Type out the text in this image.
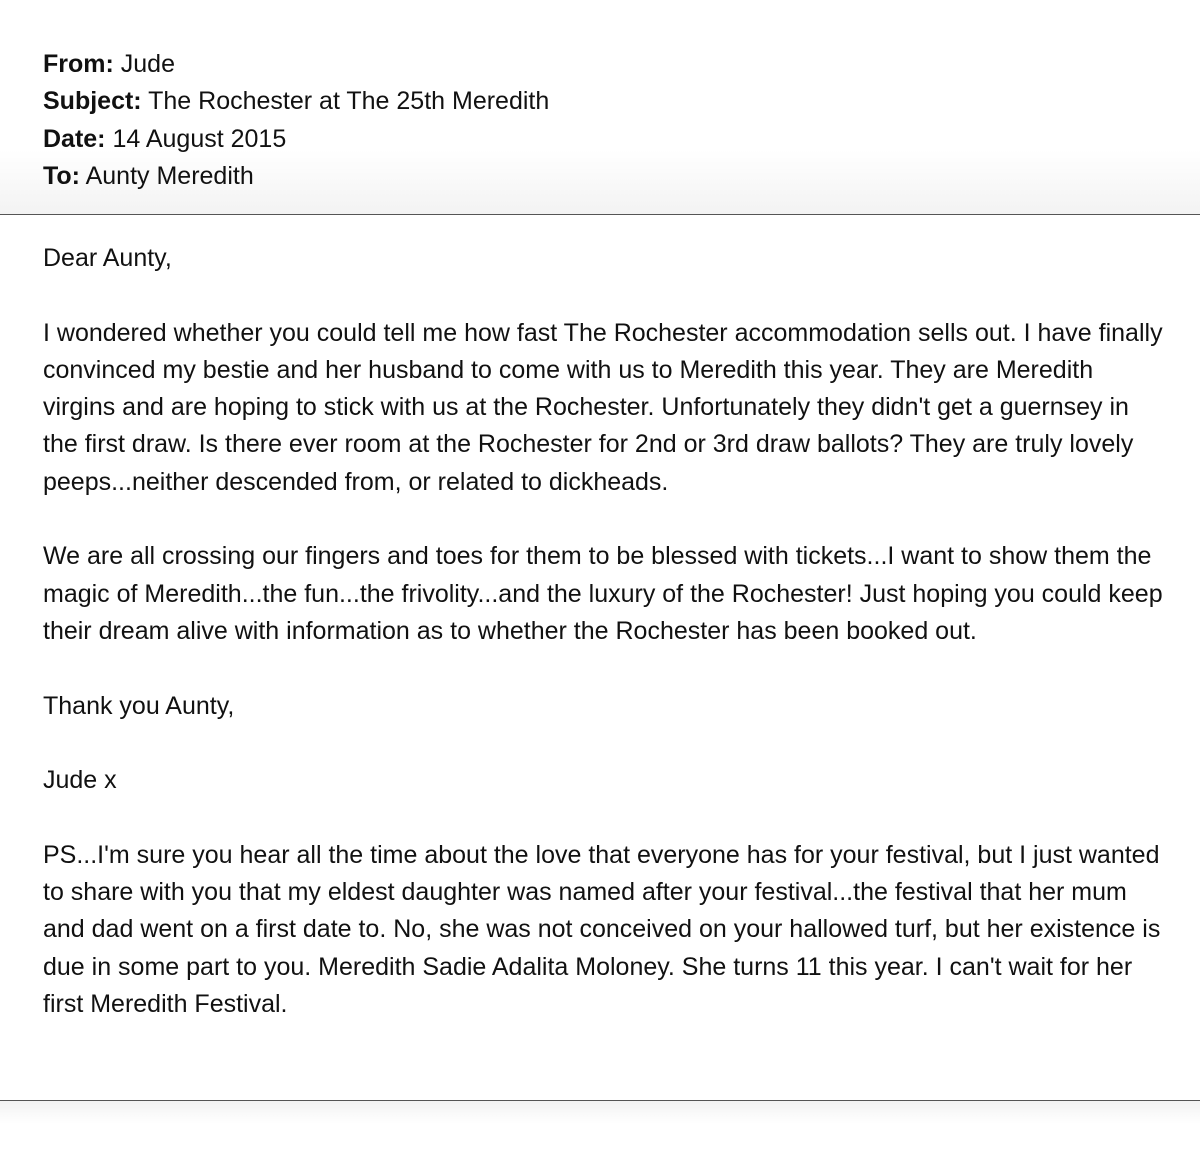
From: Jude
Subject: The Rochester at The 25th Meredith
Date: 14 August 2015
To: Aunty Meredith

Dear Aunty,

I wondered whether you could tell me how fast The Rochester accommodation sells out. I have finally convinced my bestie and her husband to come with us to Meredith this year. They are Meredith virgins and are hoping to stick with us at the Rochester. Unfortunately they didn't get a guernsey in the first draw. Is there ever room at the Rochester for 2nd or 3rd draw ballots? They are truly lovely peeps...neither descended from, or related to dickheads.

We are all crossing our fingers and toes for them to be blessed with tickets...I want to show them the magic of Meredith...the fun...the frivolity...and the luxury of the Rochester! Just hoping you could keep their dream alive with information as to whether the Rochester has been booked out.

Thank you Aunty,

Jude x

PS...I'm sure you hear all the time about the love that everyone has for your festival, but I just wanted to share with you that my eldest daughter was named after your festival...the festival that her mum and dad went on a first date to. No, she was not conceived on your hallowed turf, but her existence is due in some part to you. Meredith Sadie Adalita Moloney. She turns 11 this year. I can't wait for her first Meredith Festival.
